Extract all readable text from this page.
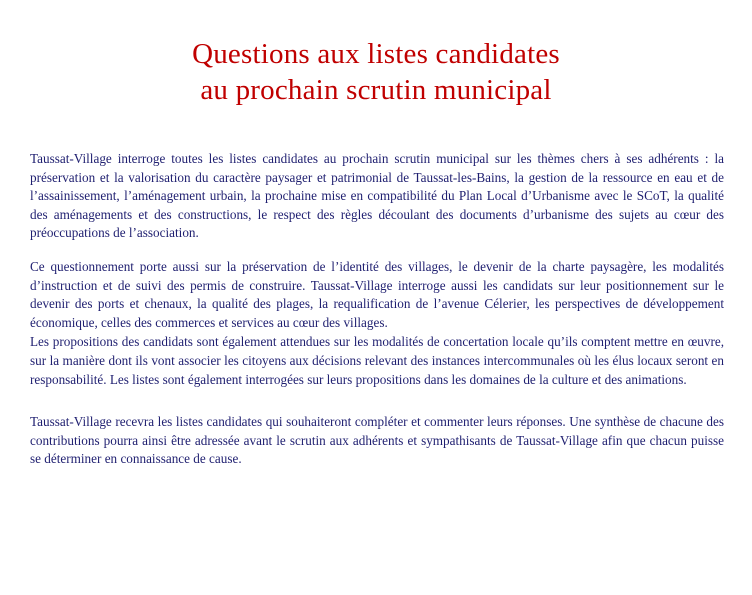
Questions aux listes candidates
au prochain scrutin municipal

Taussat-Village interroge toutes les listes candidates au prochain scrutin municipal sur les thèmes chers à ses adhérents : la préservation et la valorisation du caractère paysager et patrimonial de Taussat-les-Bains, la gestion de la ressource en eau et de l’assainissement, l’aménagement urbain, la prochaine mise en compatibilité du Plan Local d’Urbanisme avec le SCoT, la qualité des aménagements et des constructions, le respect des règles découlant des documents d’urbanisme des sujets au cœur des préoccupations de l’association.

Ce questionnement porte aussi sur la préservation de l’identité des villages, le devenir de la charte paysagère, les modalités d’instruction et de suivi des permis de construire. Taussat-Village interroge aussi les candidats sur leur positionnement sur le devenir des ports et chenaux, la qualité des plages, la requalification de l’avenue Célerier, les perspectives de développement économique, celles des commerces et services au cœur des villages.

Les propositions des candidats sont également attendues sur les modalités de concertation locale qu’ils comptent mettre en œuvre, sur la manière dont ils vont associer les citoyens aux décisions relevant des instances intercommunales où les élus locaux seront en responsabilité. Les listes sont également interrogées sur leurs propositions dans les domaines de la culture et des animations.

Taussat-Village recevra les listes candidates qui souhaiteront compléter et commenter leurs réponses. Une synthèse de chacune des contributions pourra ainsi être adressée avant le scrutin aux adhérents et sympathisants de Taussat-Village afin que chacun puisse se déterminer en connaissance de cause.
